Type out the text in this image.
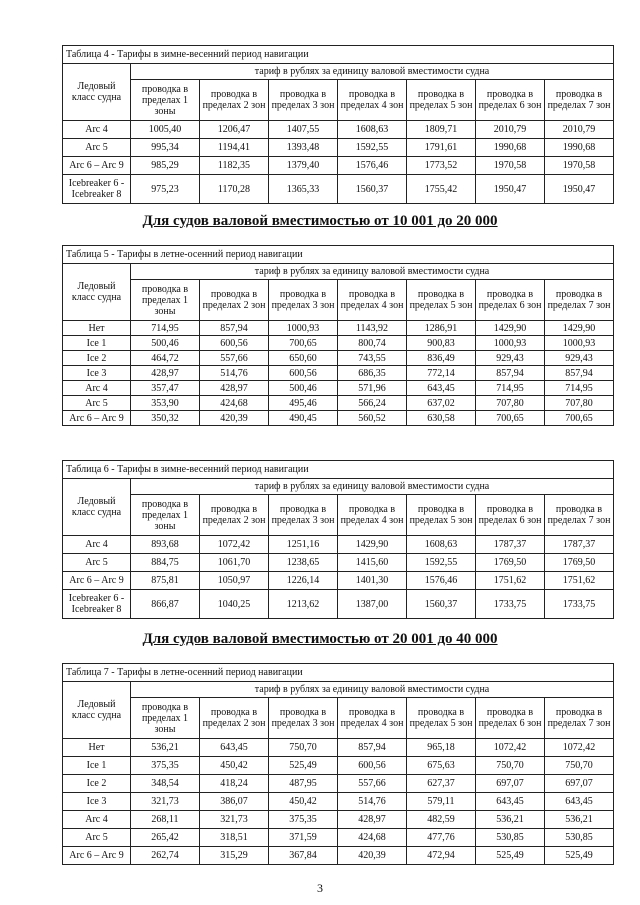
Таблица 4 - Тарифы в зимне-весенний период навигации							
Ледовый класс судна	тариф в рублях за единицу валовой вместимости судна						
	проводка в пределах 1 зоны	проводка в пределах 2 зон	проводка в пределах 3 зон	проводка в пределах 4 зон	проводка в пределах 5 зон	проводка в пределах 6 зон	проводка в пределах 7 зон
Arc 4	1005,40	1206,47	1407,55	1608,63	1809,71	2010,79	2010,79
Arc 5	995,34	1194,41	1393,48	1592,55	1791,61	1990,68	1990,68
Arc 6 – Arc 9	985,29	1182,35	1379,40	1576,46	1773,52	1970,58	1970,58
Icebreaker 6 - Icebreaker 8	975,23	1170,28	1365,33	1560,37	1755,42	1950,47	1950,47
Для судов валовой вместимостью от 10 001 до 20 000
Таблица 5 - Тарифы в летне-осенний период навигации							
Ледовый класс судна	тариф в рублях за единицу валовой вместимости судна						
	проводка в пределах 1 зоны	проводка в пределах 2 зон	проводка в пределах 3 зон	проводка в пределах 4 зон	проводка в пределах 5 зон	проводка в пределах 6 зон	проводка в пределах 7 зон
Нет	714,95	857,94	1000,93	1143,92	1286,91	1429,90	1429,90
Ice 1	500,46	600,56	700,65	800,74	900,83	1000,93	1000,93
Ice 2	464,72	557,66	650,60	743,55	836,49	929,43	929,43
Ice 3	428,97	514,76	600,56	686,35	772,14	857,94	857,94
Arc 4	357,47	428,97	500,46	571,96	643,45	714,95	714,95
Arc 5	353,90	424,68	495,46	566,24	637,02	707,80	707,80
Arc 6 – Arc 9	350,32	420,39	490,45	560,52	630,58	700,65	700,65
Таблица 6 - Тарифы в зимне-весенний период навигации							
Ледовый класс судна	тариф в рублях за единицу валовой вместимости судна						
	проводка в пределах 1 зоны	проводка в пределах 2 зон	проводка в пределах 3 зон	проводка в пределах 4 зон	проводка в пределах 5 зон	проводка в пределах 6 зон	проводка в пределах 7 зон
Arc 4	893,68	1072,42	1251,16	1429,90	1608,63	1787,37	1787,37
Arc 5	884,75	1061,70	1238,65	1415,60	1592,55	1769,50	1769,50
Arc 6 – Arc 9	875,81	1050,97	1226,14	1401,30	1576,46	1751,62	1751,62
Icebreaker 6 - Icebreaker 8	866,87	1040,25	1213,62	1387,00	1560,37	1733,75	1733,75
Для судов валовой вместимостью от 20 001 до 40 000
Таблица 7 - Тарифы в летне-осенний период навигации							
Ледовый класс судна	тариф в рублях за единицу валовой вместимости судна						
	проводка в пределах 1 зоны	проводка в пределах 2 зон	проводка в пределах 3 зон	проводка в пределах 4 зон	проводка в пределах 5 зон	проводка в пределах 6 зон	проводка в пределах 7 зон
Нет	536,21	643,45	750,70	857,94	965,18	1072,42	1072,42
Ice 1	375,35	450,42	525,49	600,56	675,63	750,70	750,70
Ice 2	348,54	418,24	487,95	557,66	627,37	697,07	697,07
Ice 3	321,73	386,07	450,42	514,76	579,11	643,45	643,45
Arc 4	268,11	321,73	375,35	428,97	482,59	536,21	536,21
Arc 5	265,42	318,51	371,59	424,68	477,76	530,85	530,85
Arc 6 – Arc 9	262,74	315,29	367,84	420,39	472,94	525,49	525,49
3
